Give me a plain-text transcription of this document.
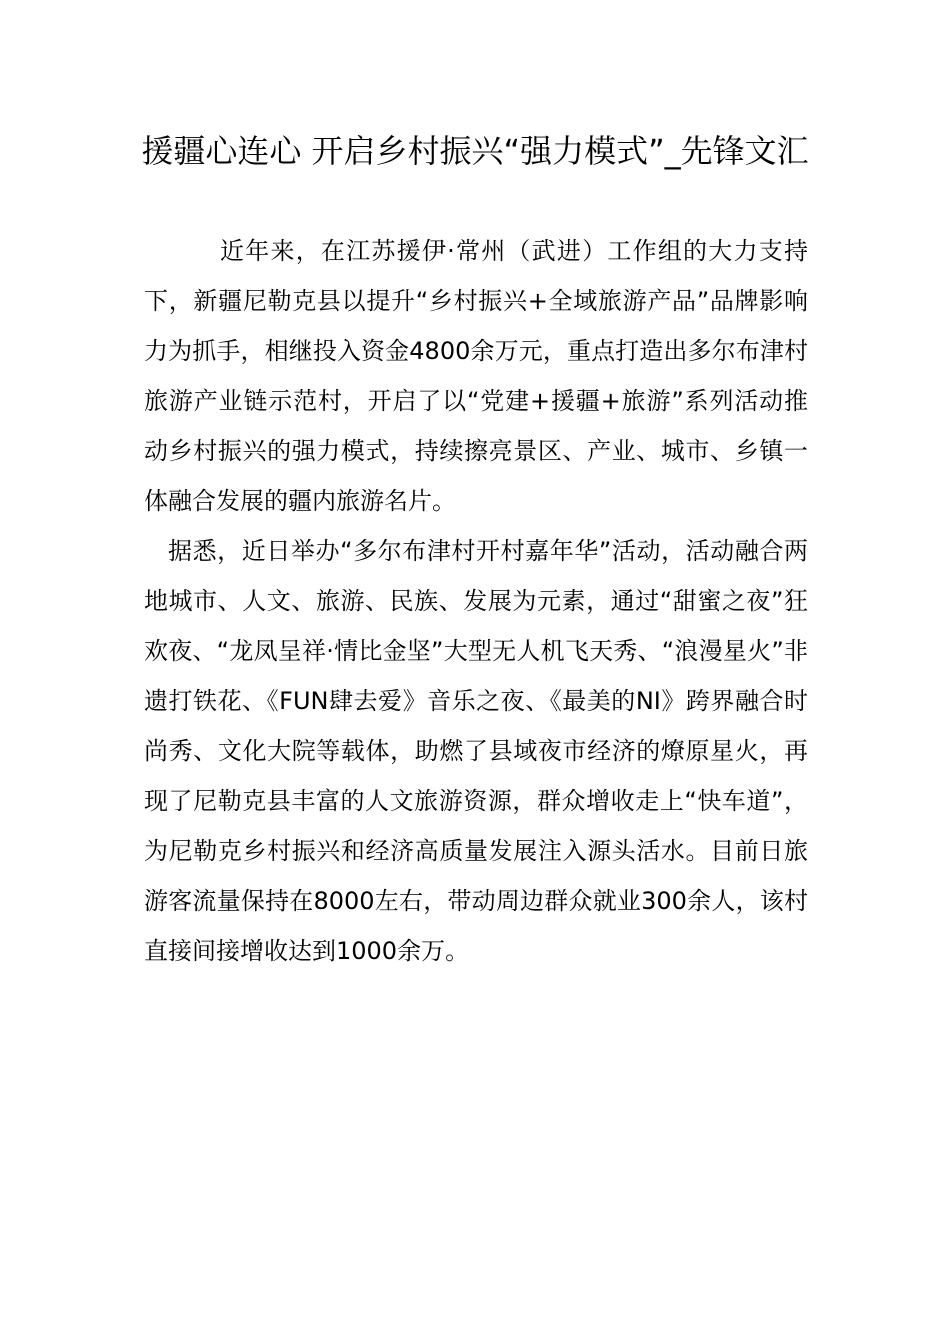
援疆心连心 开启乡村振兴“强力模式”_先锋文汇

近年来，在江苏援伊·常州（武进）工作组的大力支持下，新疆尼勒克县以提升“乡村振兴+全域旅游产品”品牌影响力为抓手，相继投入资金4800余万元，重点打造出多尔布津村旅游产业链示范村，开启了以“党建+援疆+旅游”系列活动推动乡村振兴的强力模式，持续擦亮景区、产业、城市、乡镇一体融合发展的疆内旅游名片。

据悉，近日举办“多尔布津村开村嘉年华”活动，活动融合两地城市、人文、旅游、民族、发展为元素，通过“甜蜜之夜”狂欢夜、“龙凤呈祥·情比金坚”大型无人机飞天秀、“浪漫星火”非遗打铁花、《FUN肆去爱》音乐之夜、《最美的NI》跨界融合时尚秀、文化大院等载体，助燃了县域夜市经济的燎原星火，再现了尼勒克县丰富的人文旅游资源，群众增收走上“快车道”，为尼勒克乡村振兴和经济高质量发展注入源头活水。目前日旅游客流量保持在8000左右，带动周边群众就业300余人，该村直接间接增收达到1000余万。
